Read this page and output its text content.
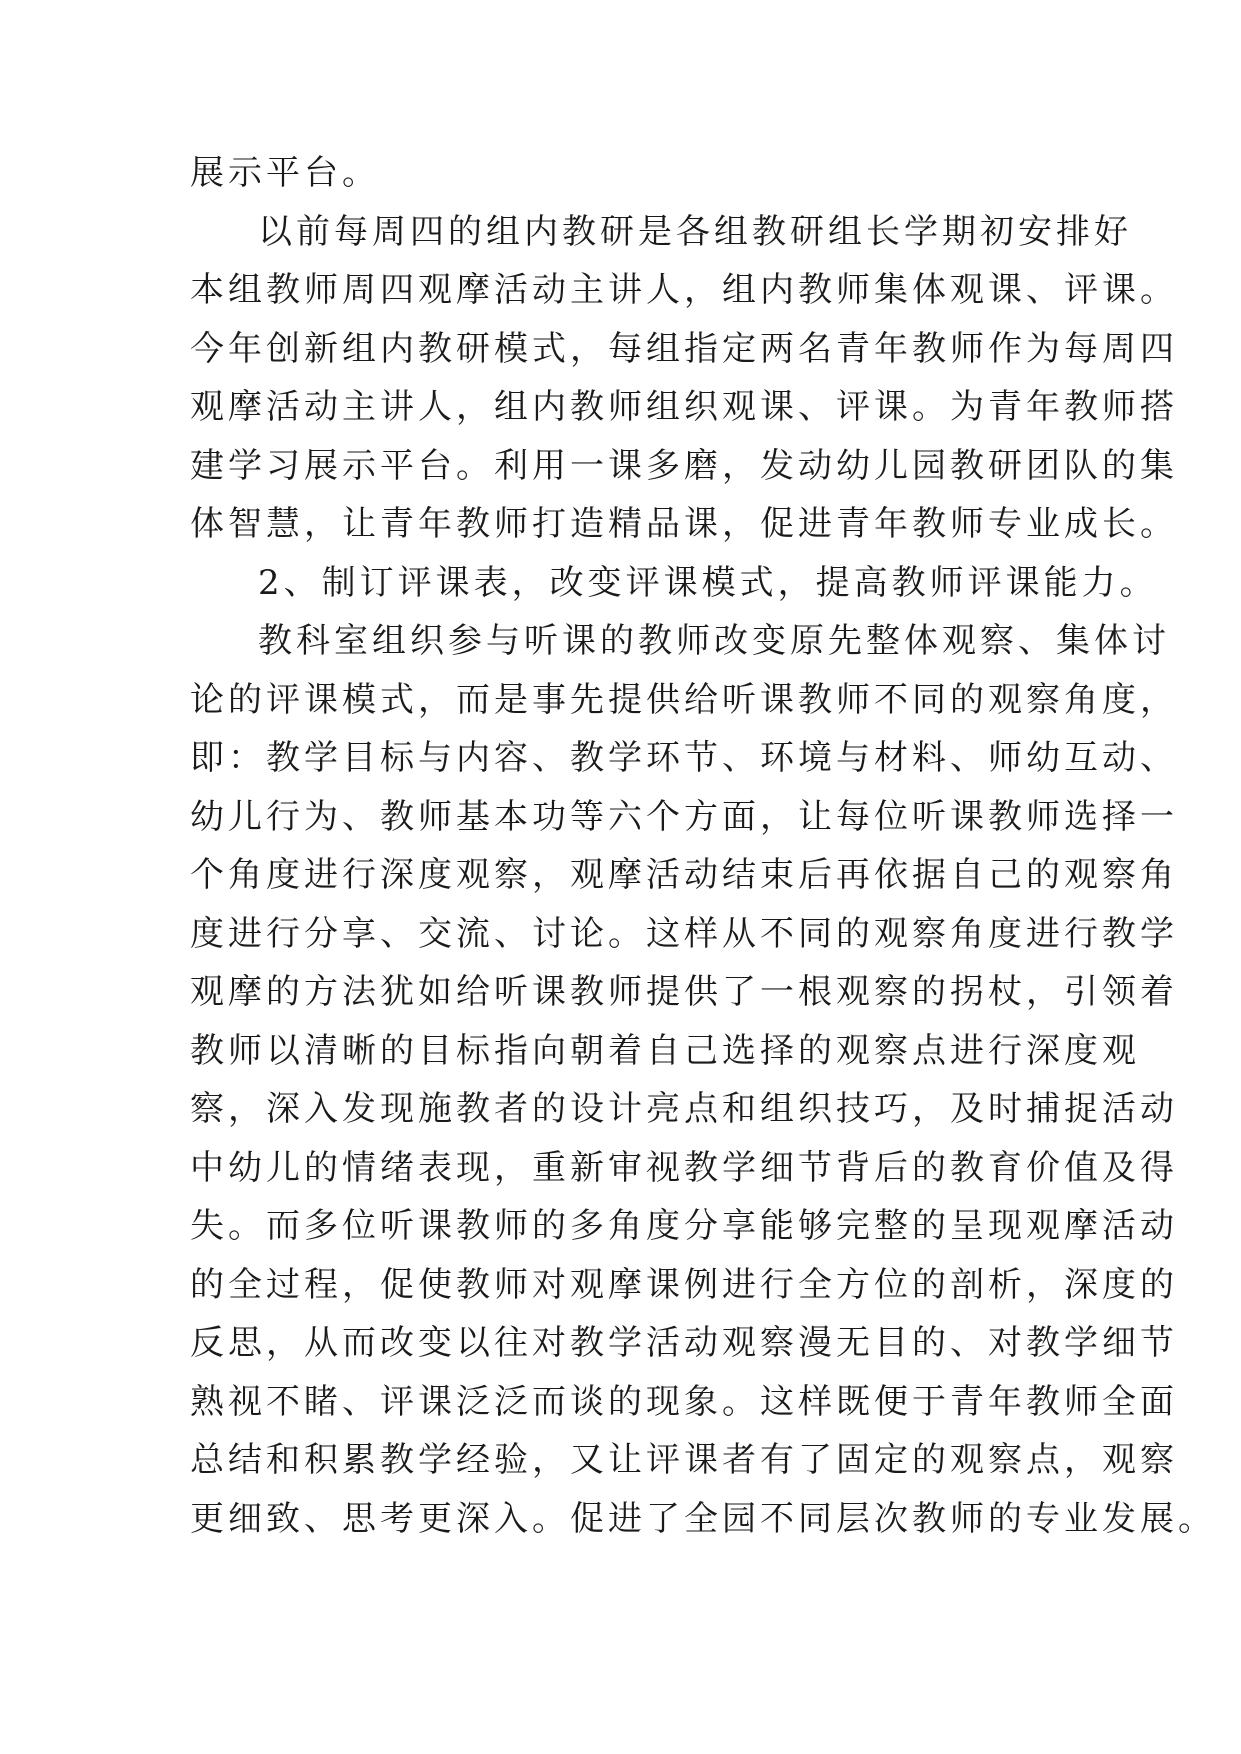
展示平台。
以前每周四的组内教研是各组教研组长学期初安排好
本组教师周四观摩活动主讲人，组内教师集体观课、评课。
今年创新组内教研模式，每组指定两名青年教师作为每周四
观摩活动主讲人，组内教师组织观课、评课。为青年教师搭
建学习展示平台。利用一课多磨，发动幼儿园教研团队的集
体智慧，让青年教师打造精品课，促进青年教师专业成长。
2、制订评课表，改变评课模式，提高教师评课能力。
教科室组织参与听课的教师改变原先整体观察、集体讨
论的评课模式，而是事先提供给听课教师不同的观察角度，
即：教学目标与内容、教学环节、环境与材料、师幼互动、
幼儿行为、教师基本功等六个方面，让每位听课教师选择一
个角度进行深度观察，观摩活动结束后再依据自己的观察角
度进行分享、交流、讨论。这样从不同的观察角度进行教学
观摩的方法犹如给听课教师提供了一根观察的拐杖，引领着
教师以清晰的目标指向朝着自己选择的观察点进行深度观
察，深入发现施教者的设计亮点和组织技巧，及时捕捉活动
中幼儿的情绪表现，重新审视教学细节背后的教育价值及得
失。而多位听课教师的多角度分享能够完整的呈现观摩活动
的全过程，促使教师对观摩课例进行全方位的剖析，深度的
反思，从而改变以往对教学活动观察漫无目的、对教学细节
熟视不睹、评课泛泛而谈的现象。这样既便于青年教师全面
总结和积累教学经验，又让评课者有了固定的观察点，观察
更细致、思考更深入。促进了全园不同层次教师的专业发展。
